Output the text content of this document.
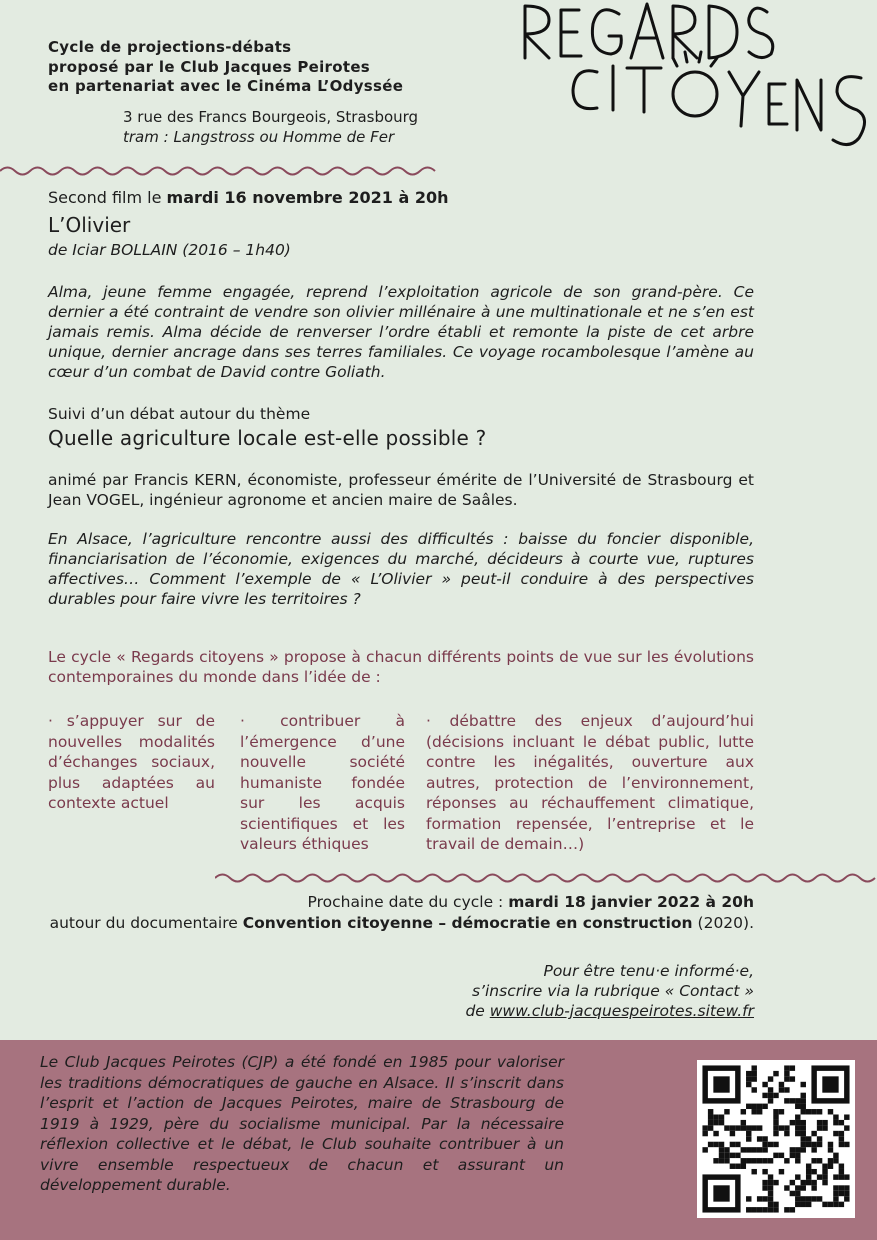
Cycle de projections-débats
proposé par le Club Jacques Peirotes
en partenariat avec le Cinéma L’Odyssée
3 rue des Francs Bourgeois, Strasbourg
tram : Langstross ou Homme de Fer
Second film le mardi 16 novembre 2021 à 20h
L’Olivier
de Iciar BOLLAIN (2016 – 1h40)
Alma, jeune femme engagée, reprend l’exploitation agricole de son grand-père. Ce dernier a été contraint de vendre son olivier millénaire à une multinationale et ne s’en est jamais remis. Alma décide de renverser l’ordre établi et remonte la piste de cet arbre unique, dernier ancrage dans ses terres familiales. Ce voyage rocambolesque l’amène au cœur d’un combat de David contre Goliath.
Suivi d’un débat autour du thème
Quelle agriculture locale est-elle possible ?
animé par Francis KERN, économiste, professeur émérite de l’Université de Strasbourg et Jean VOGEL, ingénieur agronome et ancien maire de Saâles.
En Alsace, l’agriculture rencontre aussi des difficultés : baisse du foncier disponible, financiarisation de l’économie, exigences du marché, décideurs à courte vue, ruptures affectives… Comment l’exemple de « L’Olivier » peut-il conduire à des perspectives durables pour faire vivre les territoires ?
Le cycle « Regards citoyens » propose à chacun différents points de vue sur les évolutions contemporaines du monde dans l’idée de :
· s’appuyer sur de nouvelles modalités d’échanges sociaux, plus adaptées au contexte actuel
· contribuer à l’émergence d’une nouvelle société humaniste fondée sur les acquis scientifiques et les valeurs éthiques
· débattre des enjeux d’aujourd’hui (décisions incluant le débat public, lutte contre les inégalités, ouverture aux autres, protection de l’environnement, réponses au réchauffement climatique, formation repensée, l’entreprise et le travail de demain…)
Prochaine date du cycle : mardi 18 janvier 2022 à 20h
autour du documentaire Convention citoyenne – démocratie en construction (2020).
Pour être tenu·e informé·e,
s’inscrire via la rubrique « Contact »
de www.club-jacquespeirotes.sitew.fr
Le Club Jacques Peirotes (CJP) a été fondé en 1985 pour valoriser les traditions démocratiques de gauche en Alsace. Il s’inscrit dans l’esprit et l’action de Jacques Peirotes, maire de Strasbourg de 1919 à 1929, père du socialisme municipal. Par la nécessaire réflexion collective et le débat, le Club souhaite contribuer à un vivre ensemble respectueux de chacun et assurant un développement durable.
